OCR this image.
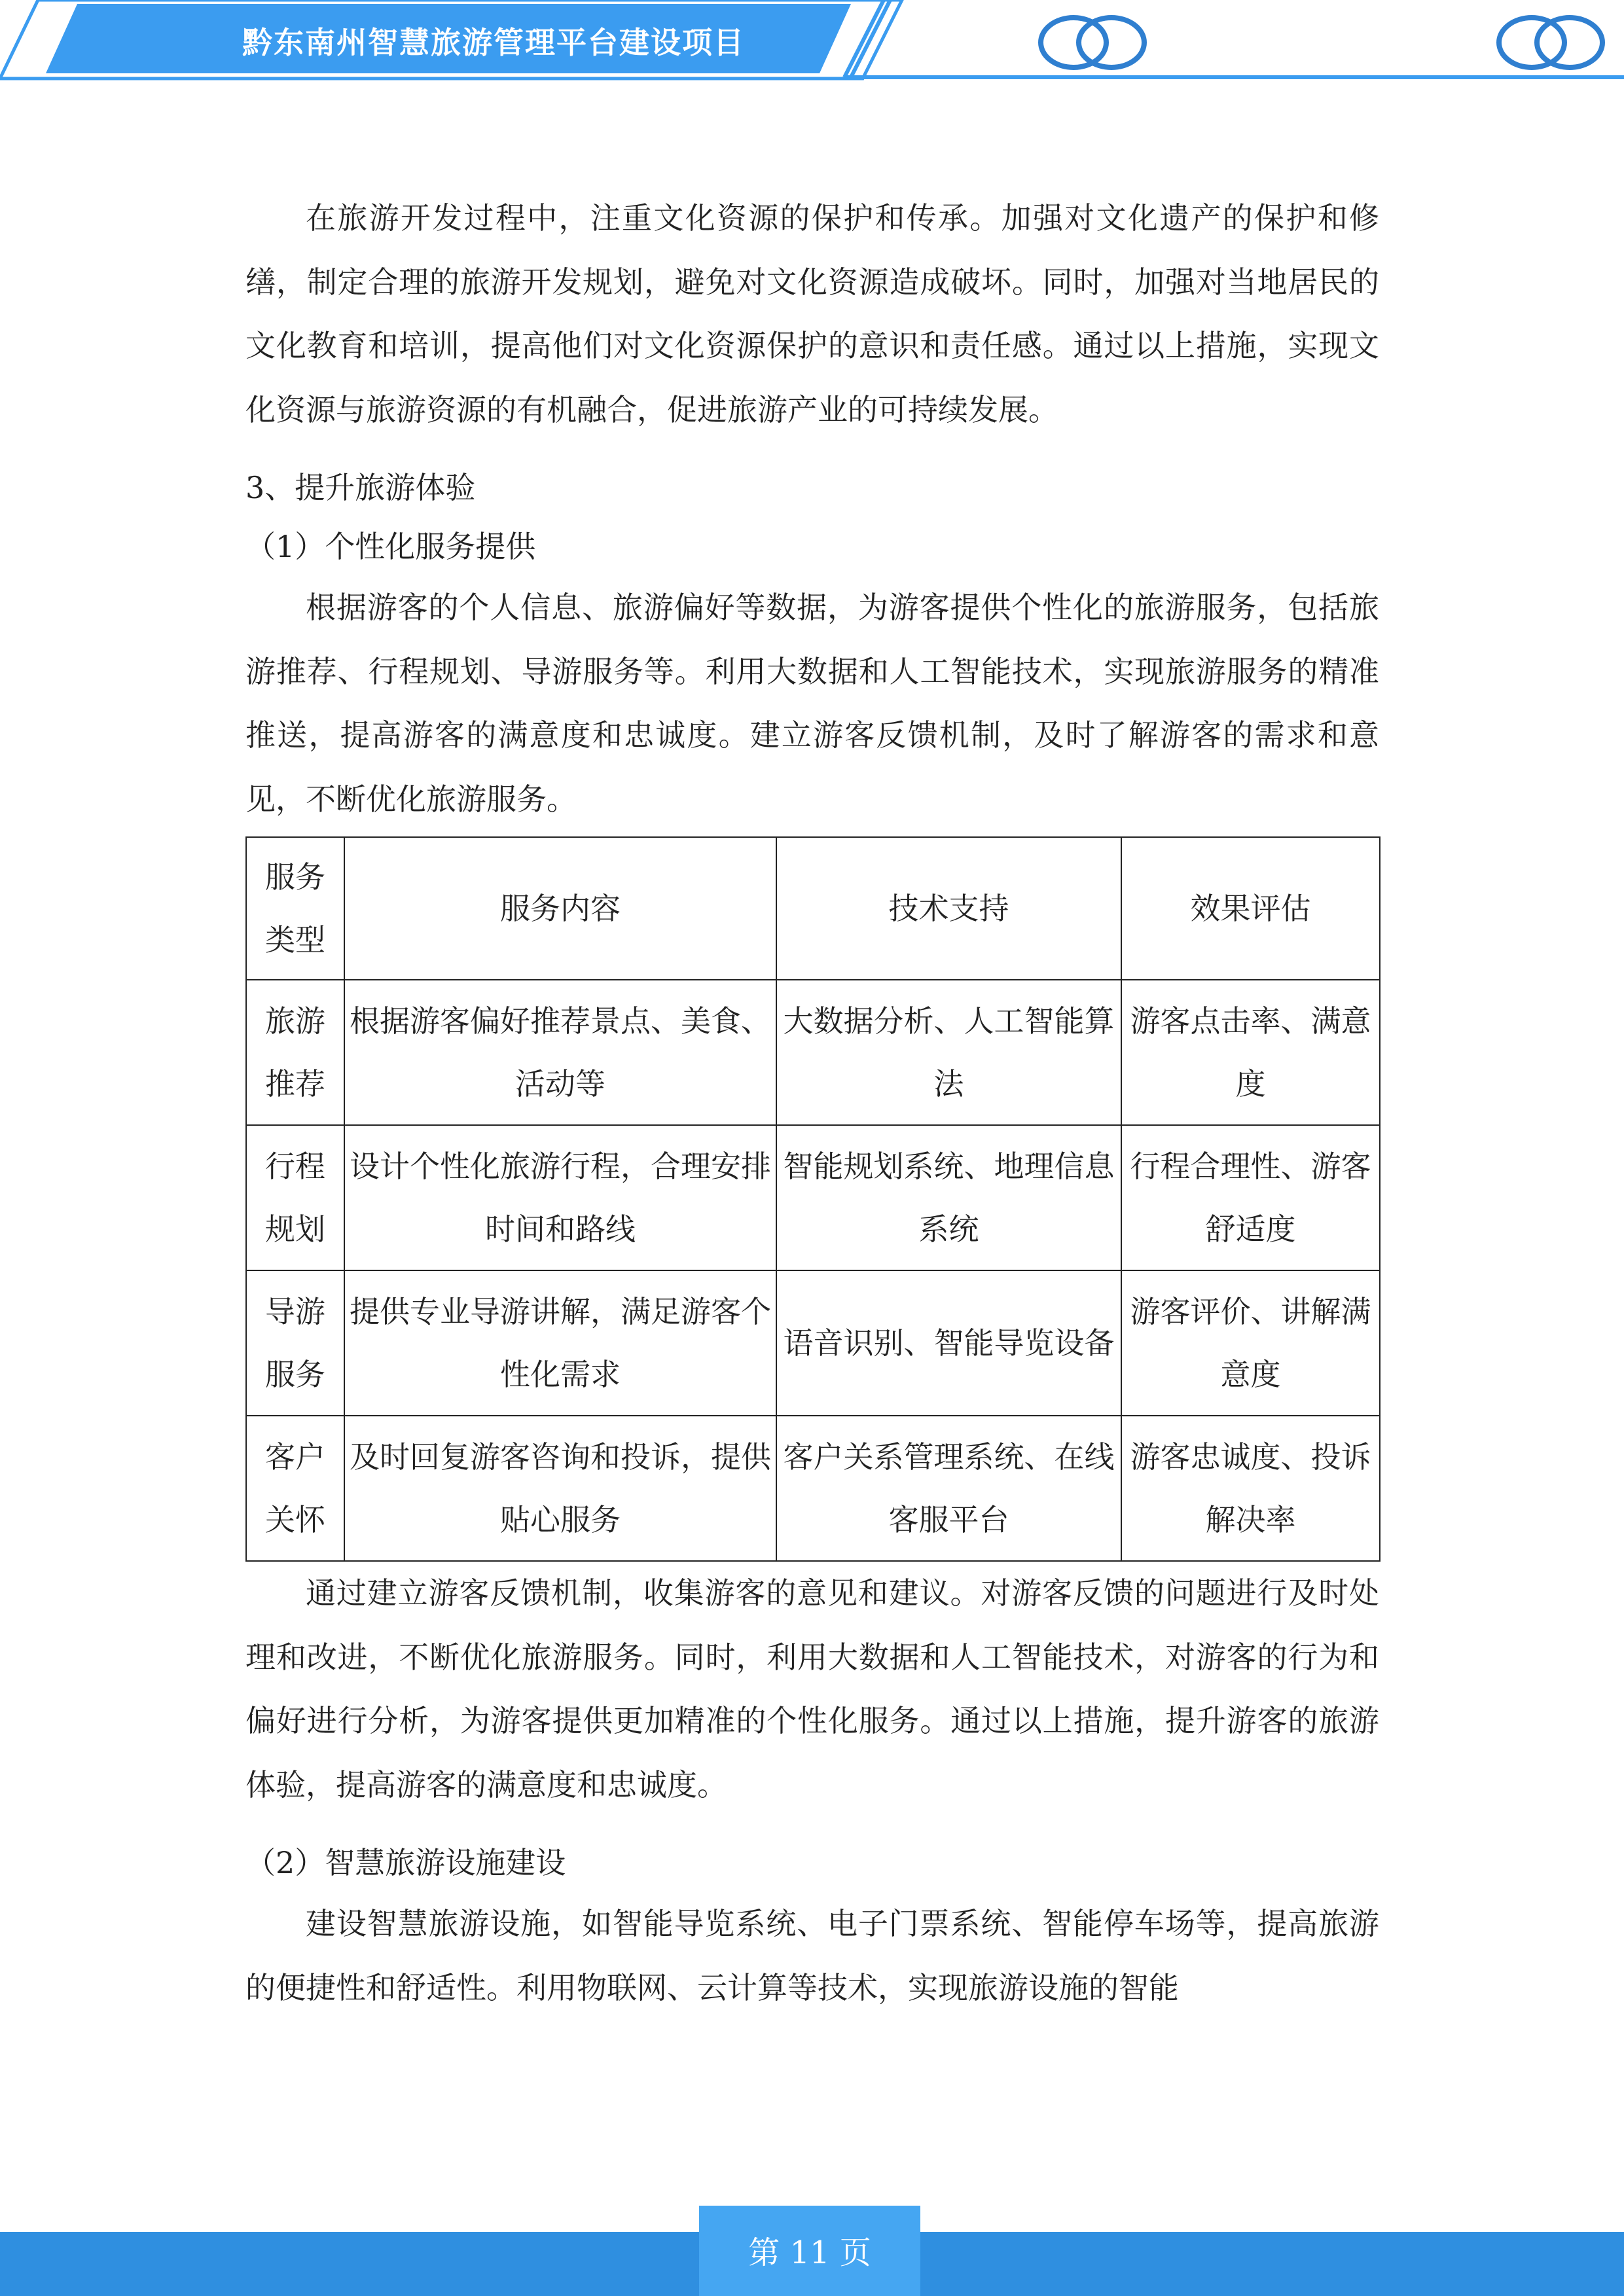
黔东南州智慧旅游管理平台建设项目

在旅游开发过程中，注重文化资源的保护和传承。加强对文化遗产的保护和修缮，制定合理的旅游开发规划，避免对文化资源造成破坏。同时，加强对当地居民的文化教育和培训，提高他们对文化资源保护的意识和责任感。通过以上措施，实现文化资源与旅游资源的有机融合，促进旅游产业的可持续发展。

3、提升旅游体验

（1）个性化服务提供

根据游客的个人信息、旅游偏好等数据，为游客提供个性化的旅游服务，包括旅游推荐、行程规划、导游服务等。利用大数据和人工智能技术，实现旅游服务的精准推送，提高游客的满意度和忠诚度。建立游客反馈机制，及时了解游客的需求和意见，不断优化旅游服务。

服务类型	服务内容	技术支持	效果评估
旅游推荐	根据游客偏好推荐景点、美食、活动等	大数据分析、人工智能算法	游客点击率、满意度
行程规划	设计个性化旅游行程，合理安排时间和路线	智能规划系统、地理信息系统	行程合理性、游客舒适度
导游服务	提供专业导游讲解，满足游客个性化需求	语音识别、智能导览设备	游客评价、讲解满意度
客户关怀	及时回复游客咨询和投诉，提供贴心服务	客户关系管理系统、在线客服平台	游客忠诚度、投诉解决率

通过建立游客反馈机制，收集游客的意见和建议。对游客反馈的问题进行及时处理和改进，不断优化旅游服务。同时，利用大数据和人工智能技术，对游客的行为和偏好进行分析，为游客提供更加精准的个性化服务。通过以上措施，提升游客的旅游体验，提高游客的满意度和忠诚度。

（2）智慧旅游设施建设

建设智慧旅游设施，如智能导览系统、电子门票系统、智能停车场等，提高旅游的便捷性和舒适性。利用物联网、云计算等技术，实现旅游设施的智能

第 11 页
